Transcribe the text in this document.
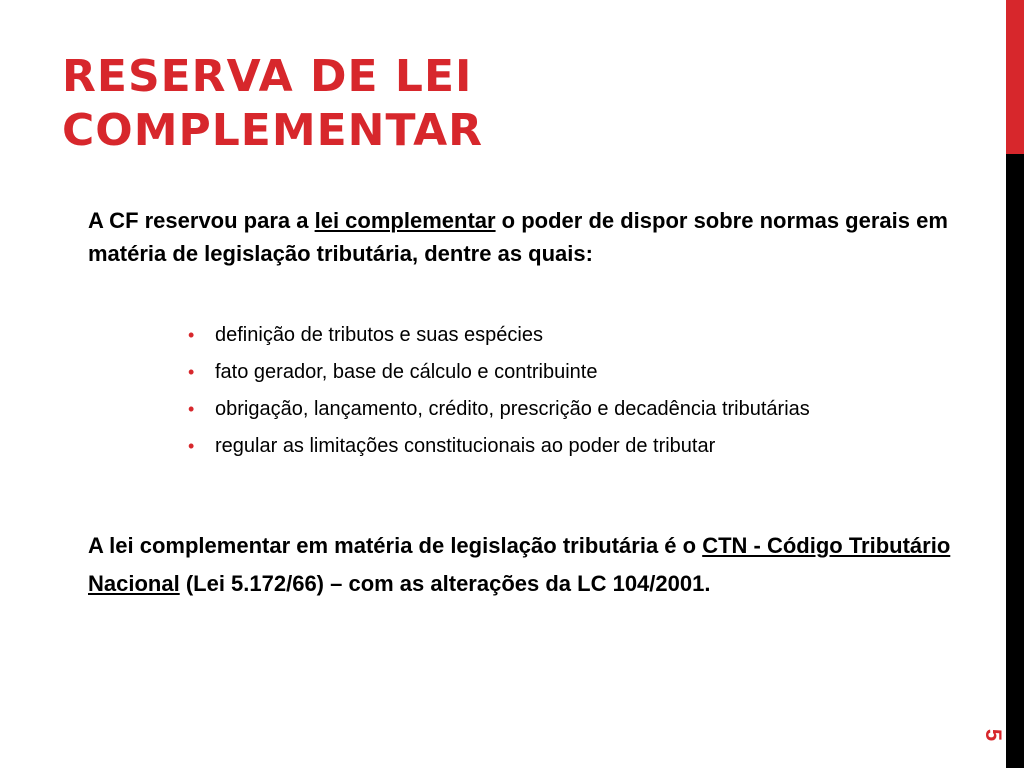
RESERVA DE LEI
COMPLEMENTAR

A CF reservou para a lei complementar o poder de dispor sobre normas gerais em matéria de legislação tributária, dentre as quais:

• definição de tributos e suas espécies
• fato gerador, base de cálculo e contribuinte
• obrigação, lançamento, crédito, prescrição e decadência tributárias
• regular as limitações constitucionais ao poder de tributar

A lei complementar em matéria de legislação tributária é o CTN - Código Tributário Nacional (Lei 5.172/66) – com as alterações da LC 104/2001.

5
